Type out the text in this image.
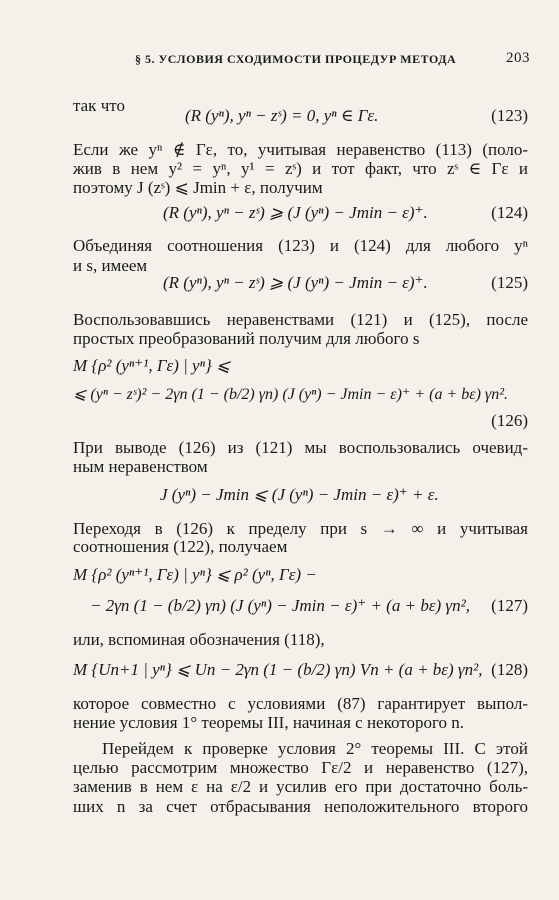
§ 5. УСЛОВИЯ СХОДИМОСТИ ПРОЦЕДУР МЕТОДА	203
так что
(R (yⁿ), yⁿ − zˢ) = 0, yⁿ ∈ Γε.	(123)
Если же yⁿ ∉ Γε, то, учитывая неравенство (113) (поло-
жив в нем y² = yⁿ, y¹ = zˢ) и тот факт, что zˢ ∈ Γε и
поэтому J (zˢ) ⩽ Jmin + ε, получим
(R (yⁿ), yⁿ − zˢ) ⩾ (J (yⁿ) − Jmin − ε)⁺.	(124)
Объединяя соотношения (123) и (124) для любого yⁿ
и s, имеем
(R (yⁿ), yⁿ − zˢ) ⩾ (J (yⁿ) − Jmin − ε)⁺.	(125)
Воспользовавшись неравенствами (121) и (125), после
простых преобразований получим для любого s
M {ρ² (yⁿ⁺¹, Γε) | yⁿ} ⩽
⩽ (yⁿ − zˢ)² − 2γn (1 − (b/2) γn) (J (yⁿ) − Jmin − ε)⁺ + (a + bε) γn².
(126)
При выводе (126) из (121) мы воспользовались очевид-
ным неравенством
J (yⁿ) − Jmin ⩽ (J (yⁿ) − Jmin − ε)⁺ + ε.
Переходя в (126) к пределу при s → ∞ и учитывая
соотношения (122), получаем
M {ρ² (yⁿ⁺¹, Γε) | yⁿ} ⩽ ρ² (yⁿ, Γε) −
− 2γn (1 − (b/2) γn) (J (yⁿ) − Jmin − ε)⁺ + (a + bε) γn², (127)
или, вспоминая обозначения (118),
M {Un+1 | yⁿ} ⩽ Un − 2γn (1 − (b/2) γn) Vn + (a + bε) γn², (128)
которое совместно с условиями (87) гарантирует выпол-
нение условия 1° теоремы III, начиная с некоторого n.
Перейдем к проверке условия 2° теоремы III. С этой
целью рассмотрим множество Γε/2 и неравенство (127),
заменив в нем ε на ε/2 и усилив его при достаточно боль-
ших n за счет отбрасывания неположительного второго
